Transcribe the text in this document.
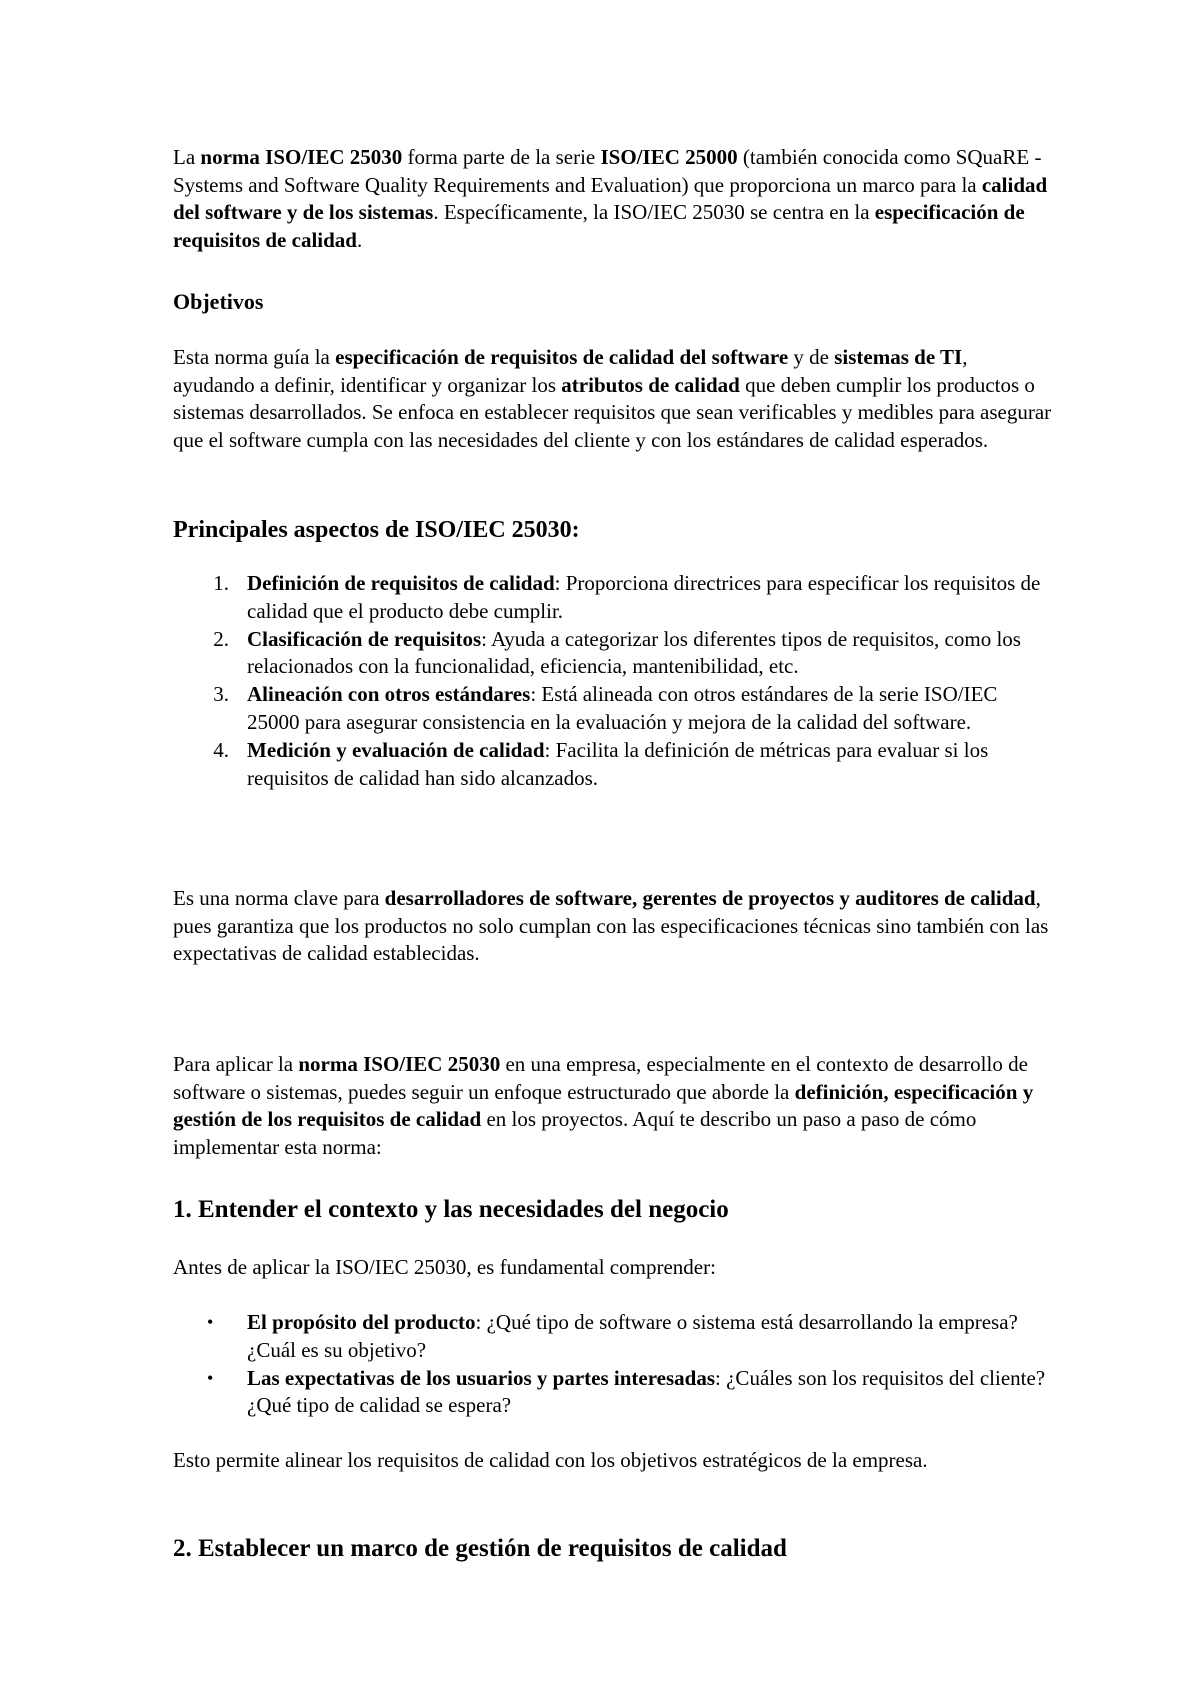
La norma ISO/IEC 25030 forma parte de la serie ISO/IEC 25000 (también conocida como SQuaRE - Systems and Software Quality Requirements and Evaluation) que proporciona un marco para la calidad del software y de los sistemas. Específicamente, la ISO/IEC 25030 se centra en la especificación de requisitos de calidad.

Objetivos

Esta norma guía la especificación de requisitos de calidad del software y de sistemas de TI, ayudando a definir, identificar y organizar los atributos de calidad que deben cumplir los productos o sistemas desarrollados. Se enfoca en establecer requisitos que sean verificables y medibles para asegurar que el software cumpla con las necesidades del cliente y con los estándares de calidad esperados.

Principales aspectos de ISO/IEC 25030:
1. Definición de requisitos de calidad: Proporciona directrices para especificar los requisitos de calidad que el producto debe cumplir.
2. Clasificación de requisitos: Ayuda a categorizar los diferentes tipos de requisitos, como los relacionados con la funcionalidad, eficiencia, mantenibilidad, etc.
3. Alineación con otros estándares: Está alineada con otros estándares de la serie ISO/IEC 25000 para asegurar consistencia en la evaluación y mejora de la calidad del software.
4. Medición y evaluación de calidad: Facilita la definición de métricas para evaluar si los requisitos de calidad han sido alcanzados.

Es una norma clave para desarrolladores de software, gerentes de proyectos y auditores de calidad, pues garantiza que los productos no solo cumplan con las especificaciones técnicas sino también con las expectativas de calidad establecidas.

Para aplicar la norma ISO/IEC 25030 en una empresa, especialmente en el contexto de desarrollo de software o sistemas, puedes seguir un enfoque estructurado que aborde la definición, especificación y gestión de los requisitos de calidad en los proyectos. Aquí te describo un paso a paso de cómo implementar esta norma:

1. Entender el contexto y las necesidades del negocio

Antes de aplicar la ISO/IEC 25030, es fundamental comprender:

• El propósito del producto: ¿Qué tipo de software o sistema está desarrollando la empresa? ¿Cuál es su objetivo?
• Las expectativas de los usuarios y partes interesadas: ¿Cuáles son los requisitos del cliente? ¿Qué tipo de calidad se espera?

Esto permite alinear los requisitos de calidad con los objetivos estratégicos de la empresa.

2. Establecer un marco de gestión de requisitos de calidad
